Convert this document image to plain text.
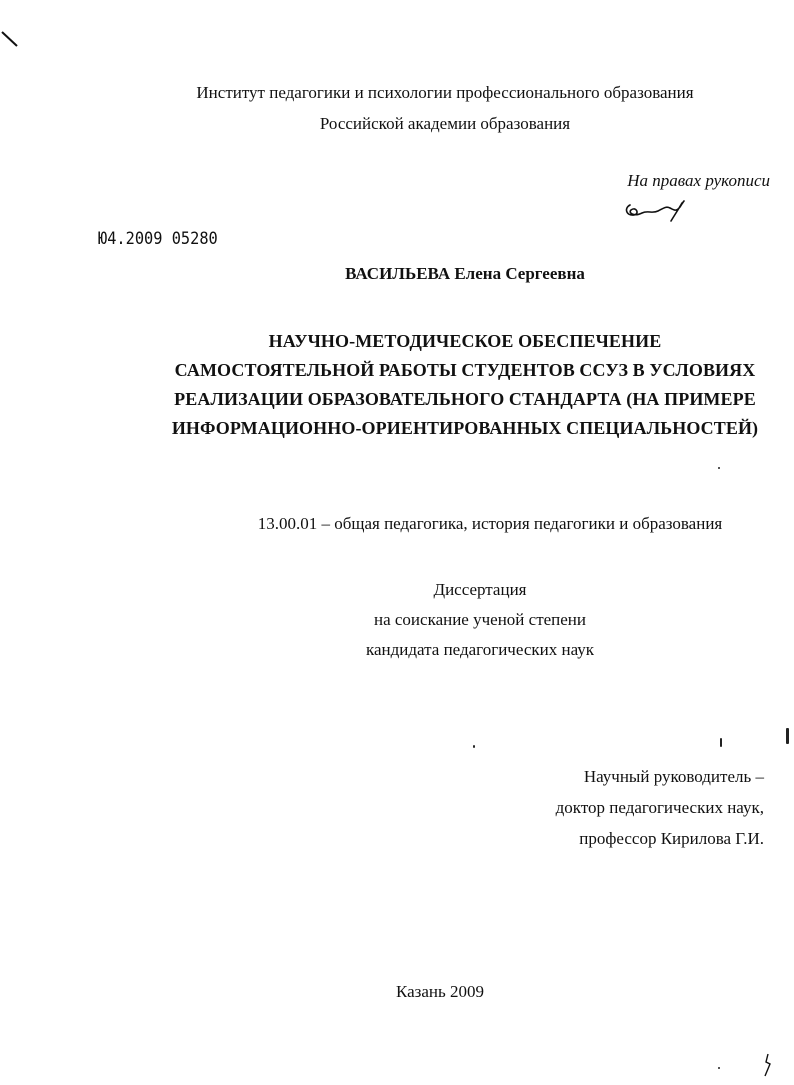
Институт педагогики и психологии профессионального образования
Российской академии образования
На правах рукописи
Ю4.2009 05280
ВАСИЛЬЕВА Елена Сергеевна
НАУЧНО-МЕТОДИЧЕСКОЕ ОБЕСПЕЧЕНИЕ
САМОСТОЯТЕЛЬНОЙ РАБОТЫ СТУДЕНТОВ ССУЗ В УСЛОВИЯХ
РЕАЛИЗАЦИИ ОБРАЗОВАТЕЛЬНОГО СТАНДАРТА (НА ПРИМЕРЕ
ИНФОРМАЦИОННО-ОРИЕНТИРОВАННЫХ СПЕЦИАЛЬНОСТЕЙ)
13.00.01 – общая педагогика, история педагогики и образования
Диссертация
на соискание ученой степени
кандидата педагогических наук
Научный руководитель –
доктор педагогических наук,
профессор Кирилова Г.И.
Казань 2009
